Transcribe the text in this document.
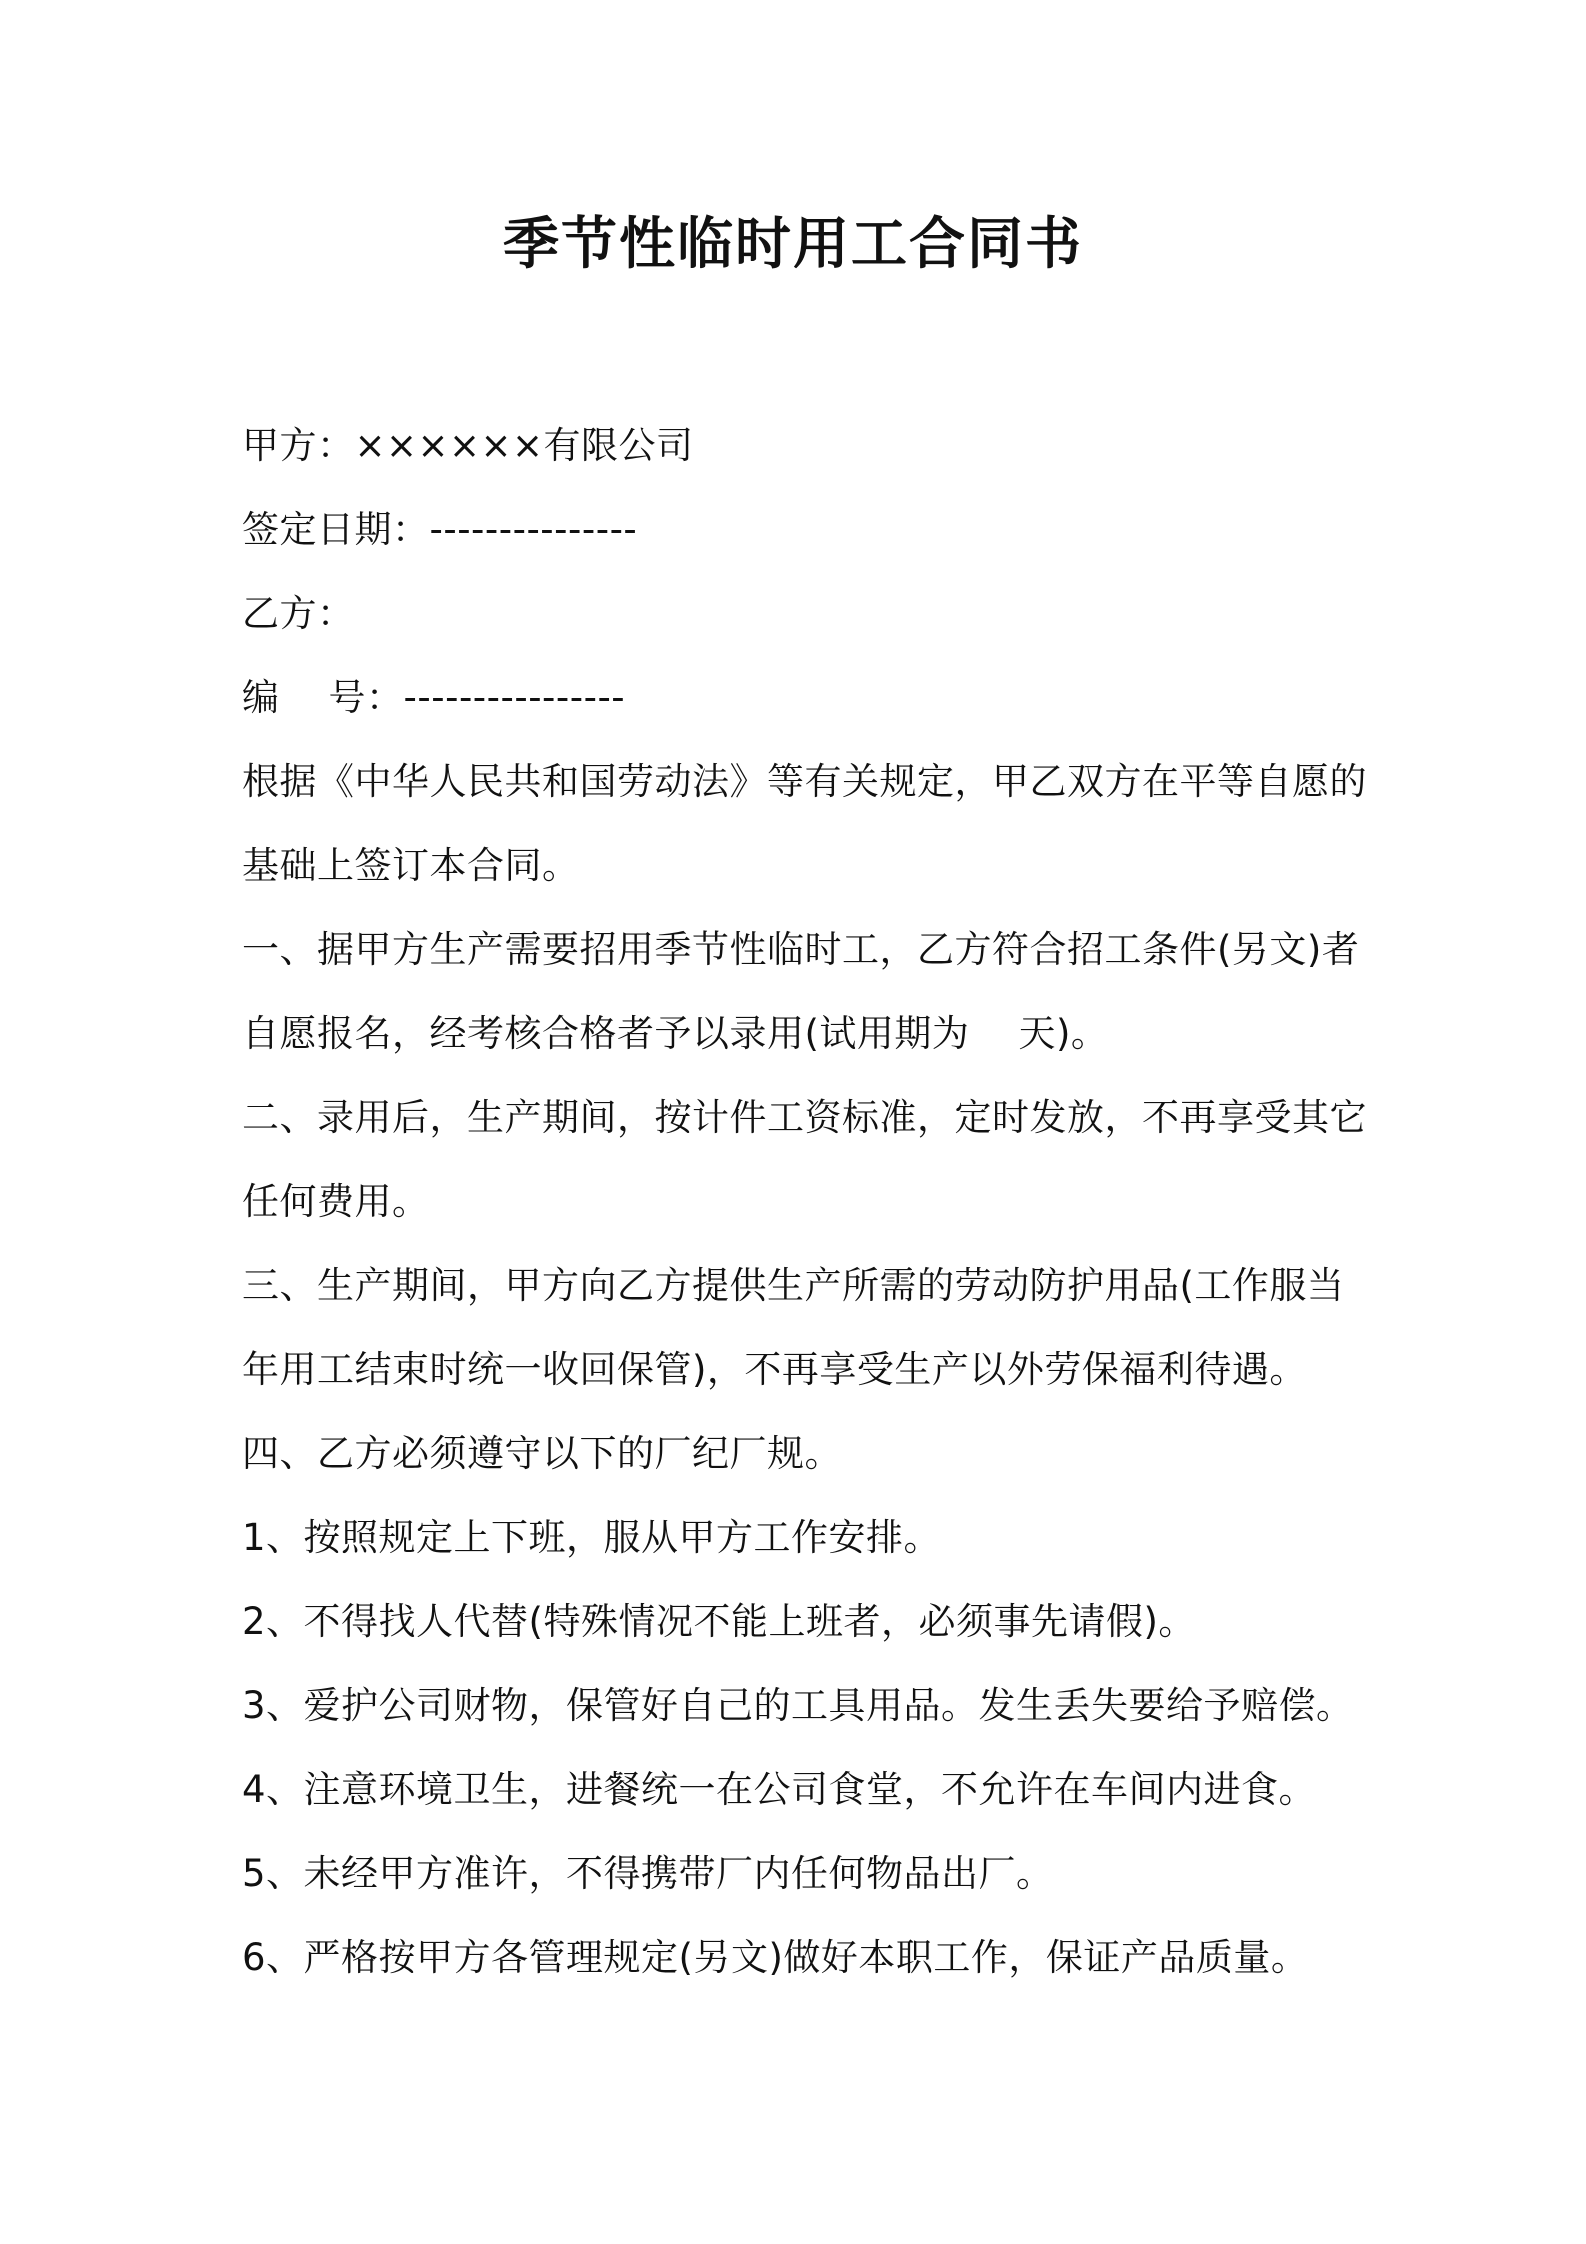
季节性临时用工合同书
甲方：××××××有限公司
签定日期：---------------
乙方：
编    号：----------------
根据《中华人民共和国劳动法》等有关规定，甲乙双方在平等自愿的
基础上签订本合同。
一、据甲方生产需要招用季节性临时工，乙方符合招工条件(另文)者
自愿报名，经考核合格者予以录用(试用期为    天)。
二、录用后，生产期间，按计件工资标准，定时发放，不再享受其它
任何费用。
三、生产期间，甲方向乙方提供生产所需的劳动防护用品(工作服当
年用工结束时统一收回保管)，不再享受生产以外劳保福利待遇。
四、乙方必须遵守以下的厂纪厂规。
1、按照规定上下班，服从甲方工作安排。
2、不得找人代替(特殊情况不能上班者，必须事先请假)。
3、爱护公司财物，保管好自己的工具用品。发生丢失要给予赔偿。
4、注意环境卫生，进餐统一在公司食堂，不允许在车间内进食。
5、未经甲方准许，不得携带厂内任何物品出厂。
6、严格按甲方各管理规定(另文)做好本职工作，保证产品质量。
